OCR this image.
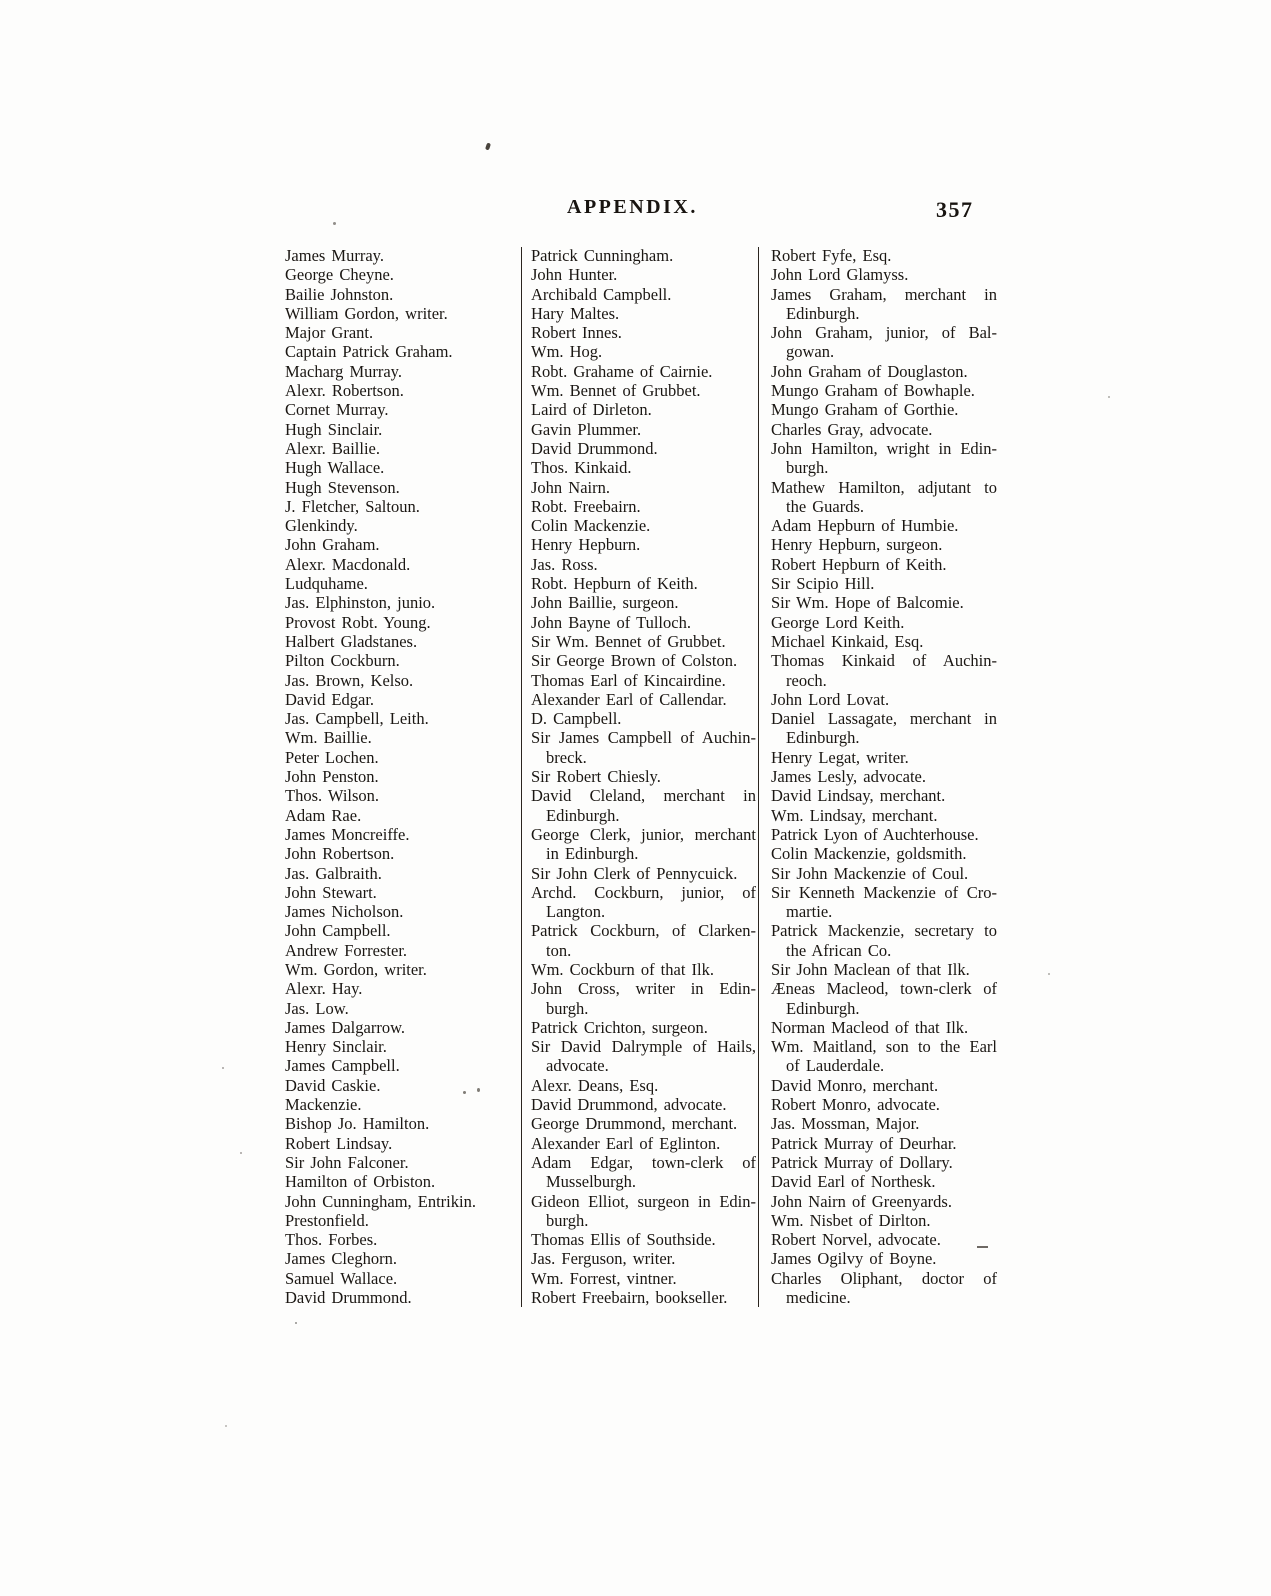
APPENDIX.	357
James Murray.
George Cheyne.
Bailie Johnston.
William Gordon, writer.
Major Grant.
Captain Patrick Graham.
Macharg Murray.
Alexr. Robertson.
Cornet Murray.
Hugh Sinclair.
Alexr. Baillie.
Hugh Wallace.
Hugh Stevenson.
J. Fletcher, Saltoun.
Glenkindy.
John Graham.
Alexr. Macdonald.
Ludquhame.
Jas. Elphinston, junio.
Provost Robt. Young.
Halbert Gladstanes.
Pilton Cockburn.
Jas. Brown, Kelso.
David Edgar.
Jas. Campbell, Leith.
Wm. Baillie.
Peter Lochen.
John Penston.
Thos. Wilson.
Adam Rae.
James Moncreiffe.
John Robertson.
Jas. Galbraith.
John Stewart.
James Nicholson.
John Campbell.
Andrew Forrester.
Wm. Gordon, writer.
Alexr. Hay.
Jas. Low.
James Dalgarrow.
Henry Sinclair.
James Campbell.
David Caskie.
Mackenzie.
Bishop Jo. Hamilton.
Robert Lindsay.
Sir John Falconer.
Hamilton of Orbiston.
John Cunningham, Entrikin.
Prestonfield.
Thos. Forbes.
James Cleghorn.
Samuel Wallace.
David Drummond.
Patrick Cunningham.
John Hunter.
Archibald Campbell.
Hary Maltes.
Robert Innes.
Wm. Hog.
Robt. Grahame of Cairnie.
Wm. Bennet of Grubbet.
Laird of Dirleton.
Gavin Plummer.
David Drummond.
Thos. Kinkaid.
John Nairn.
Robt. Freebairn.
Colin Mackenzie.
Henry Hepburn.
Jas. Ross.
Robt. Hepburn of Keith.
John Baillie, surgeon.
John Bayne of Tulloch.
Sir Wm. Bennet of Grubbet.
Sir George Brown of Colston.
Thomas Earl of Kincairdine.
Alexander Earl of Callendar.
D. Campbell.
Sir James Campbell of Auchin-
breck.
Sir Robert Chiesly.
David Cleland, merchant in
Edinburgh.
George Clerk, junior, merchant
in Edinburgh.
Sir John Clerk of Pennycuick.
Archd. Cockburn, junior, of
Langton.
Patrick Cockburn, of Clarken-
ton.
Wm. Cockburn of that Ilk.
John Cross, writer in Edin-
burgh.
Patrick Crichton, surgeon.
Sir David Dalrymple of Hails,
advocate.
Alexr. Deans, Esq.
David Drummond, advocate.
George Drummond, merchant.
Alexander Earl of Eglinton.
Adam Edgar, town-clerk of
Musselburgh.
Gideon Elliot, surgeon in Edin-
burgh.
Thomas Ellis of Southside.
Jas. Ferguson, writer.
Wm. Forrest, vintner.
Robert Freebairn, bookseller.
Robert Fyfe, Esq.
John Lord Glamyss.
James Graham, merchant in
Edinburgh.
John Graham, junior, of Bal-
gowan.
John Graham of Douglaston.
Mungo Graham of Bowhaple.
Mungo Graham of Gorthie.
Charles Gray, advocate.
John Hamilton, wright in Edin-
burgh.
Mathew Hamilton, adjutant to
the Guards.
Adam Hepburn of Humbie.
Henry Hepburn, surgeon.
Robert Hepburn of Keith.
Sir Scipio Hill.
Sir Wm. Hope of Balcomie.
George Lord Keith.
Michael Kinkaid, Esq.
Thomas Kinkaid of Auchin-
reoch.
John Lord Lovat.
Daniel Lassagate, merchant in
Edinburgh.
Henry Legat, writer.
James Lesly, advocate.
David Lindsay, merchant.
Wm. Lindsay, merchant.
Patrick Lyon of Auchterhouse.
Colin Mackenzie, goldsmith.
Sir John Mackenzie of Coul.
Sir Kenneth Mackenzie of Cro-
martie.
Patrick Mackenzie, secretary to
the African Co.
Sir John Maclean of that Ilk.
Æneas Macleod, town-clerk of
Edinburgh.
Norman Macleod of that Ilk.
Wm. Maitland, son to the Earl
of Lauderdale.
David Monro, merchant.
Robert Monro, advocate.
Jas. Mossman, Major.
Patrick Murray of Deurhar.
Patrick Murray of Dollary.
David Earl of Northesk.
John Nairn of Greenyards.
Wm. Nisbet of Dirlton.
Robert Norvel, advocate.
James Ogilvy of Boyne.
Charles Oliphant, doctor of
medicine.
